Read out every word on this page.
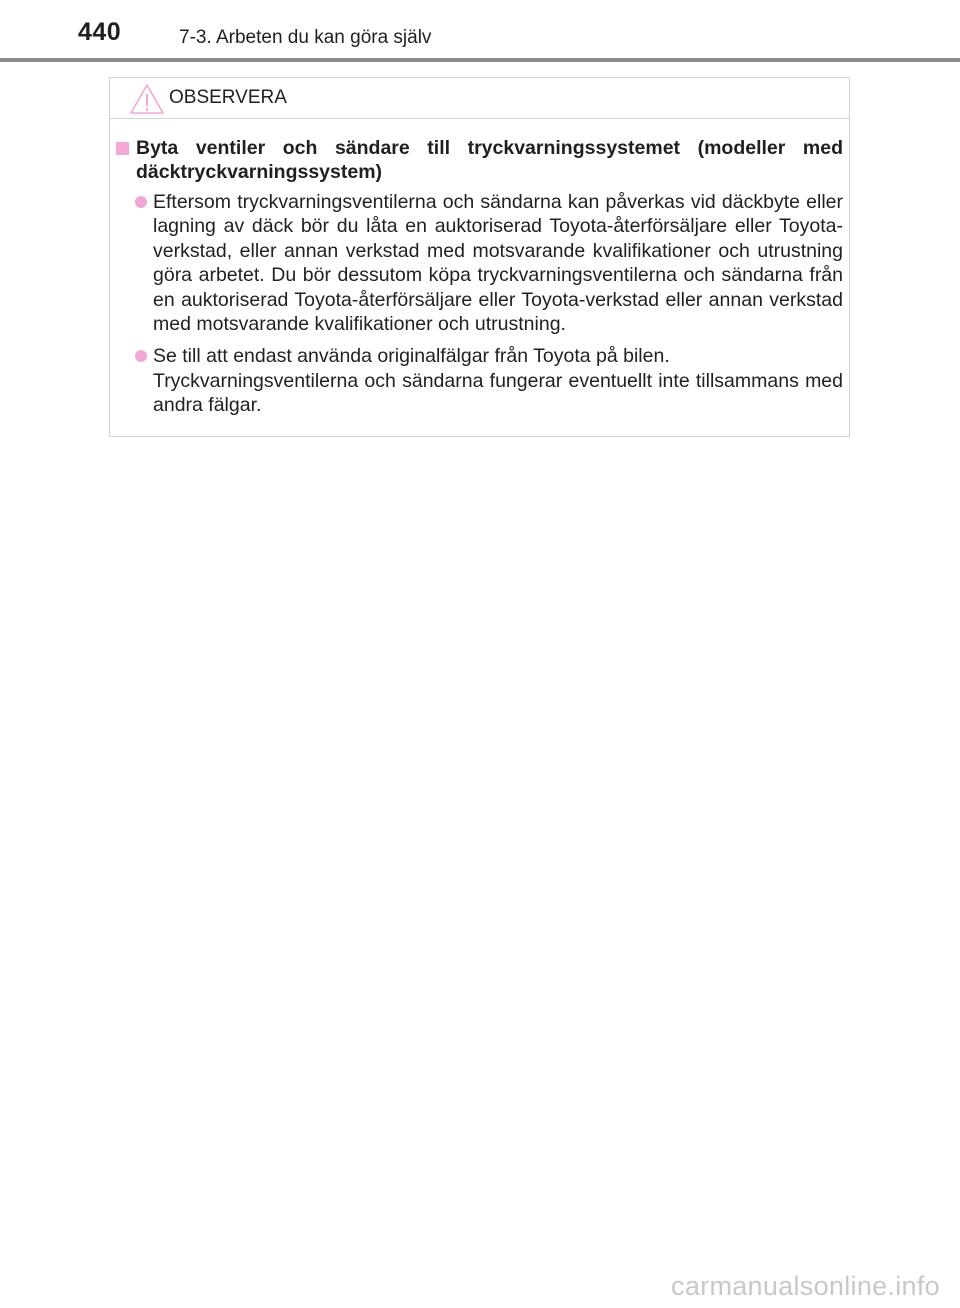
440	7-3. Arbeten du kan göra själv
OBSERVERA
Byta ventiler och sändare till tryckvarningssystemet (modeller med däcktryckvarningssystem)
Eftersom tryckvarningsventilerna och sändarna kan påverkas vid däckbyte eller lagning av däck bör du låta en auktoriserad Toyota-återförsäljare eller Toyota-verkstad, eller annan verkstad med motsvarande kvalifikationer och utrustning göra arbetet. Du bör dessutom köpa tryckvarningsventilerna och sändarna från en auktoriserad Toyota-återförsäljare eller Toyota-verkstad eller annan verkstad med motsvarande kvalifikationer och utrustning.
Se till att endast använda originalfälgar från Toyota på bilen.
Tryckvarningsventilerna och sändarna fungerar eventuellt inte tillsammans med andra fälgar.
carmanualsonline.info
